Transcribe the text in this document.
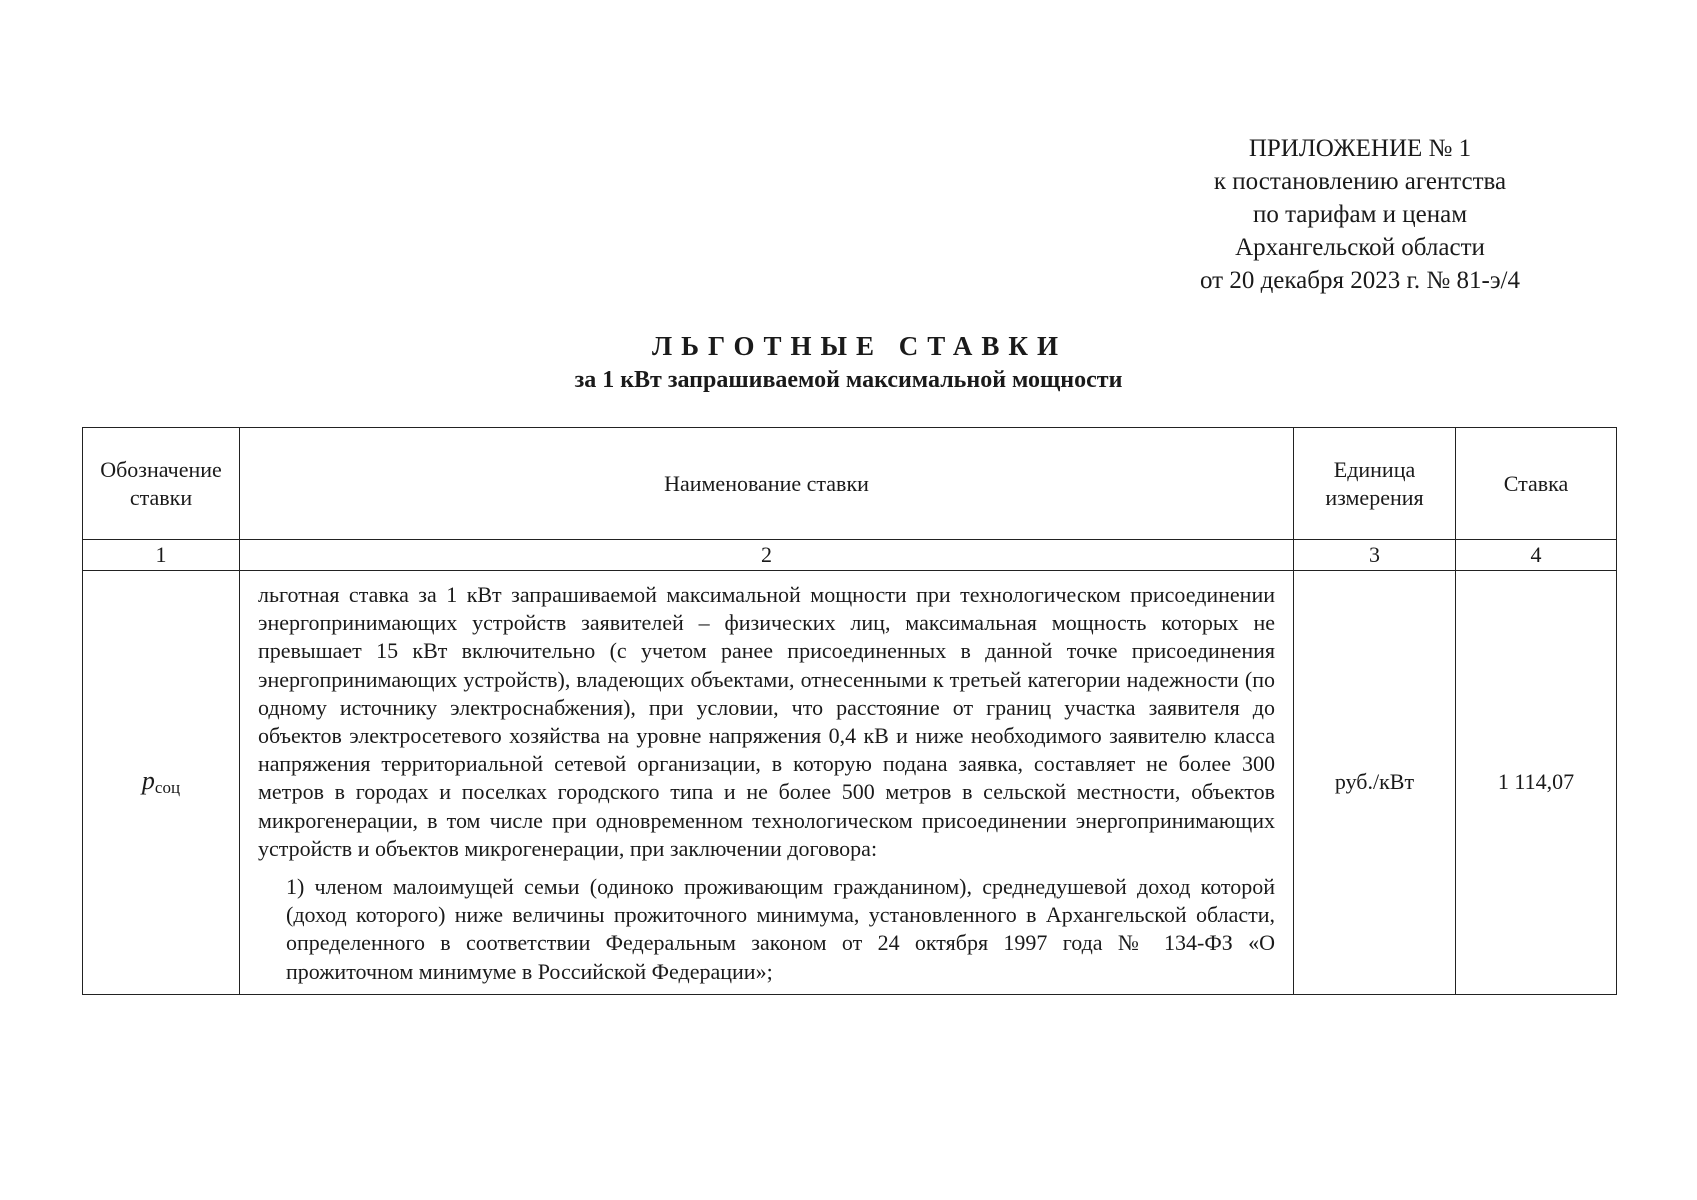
ПРИЛОЖЕНИЕ № 1
к постановлению агентства
по тарифам и ценам
Архангельской области
от 20 декабря 2023 г. № 81-э/4
ЛЬГОТНЫЕ СТАВКИ
за 1 кВт запрашиваемой максимальной мощности
Обозначение ставки	Наименование ставки	Единица измерения	Ставка
1	2	3	4
$p_{соц}$	льготная ставка за 1 кВт запрашиваемой максимальной мощности при технологическом присоединении энергопринимающих устройств заявителей – физических лиц, максимальная мощность которых не превышает 15 кВт включительно (с учетом ранее присоединенных в данной точке присоединения энергопринимающих устройств), владеющих объектами, отнесенными к третьей категории надежности (по одному источнику электроснабжения), при условии, что расстояние от границ участка заявителя до объектов электросетевого хозяйства на уровне напряжения 0,4 кВ и ниже необходимого заявителю класса напряжения территориальной сетевой организации, в которую подана заявка, составляет не более 300 метров в городах и поселках городского типа и не более 500 метров в сельской местности, объектов микрогенерации, в том числе при одновременном технологическом присоединении энергопринимающих устройств и объектов микрогенерации, при заключении договора:

1) членом малоимущей семьи (одиноко проживающим гражданином), среднедушевой доход которой (доход которого) ниже величины прожиточного минимума, установленного в Архангельской области, определенного в соответствии Федеральным законом от 24 октября 1997 года № 134-ФЗ «О прожиточном минимуме в Российской Федерации»;	руб./кВт	1 114,07
